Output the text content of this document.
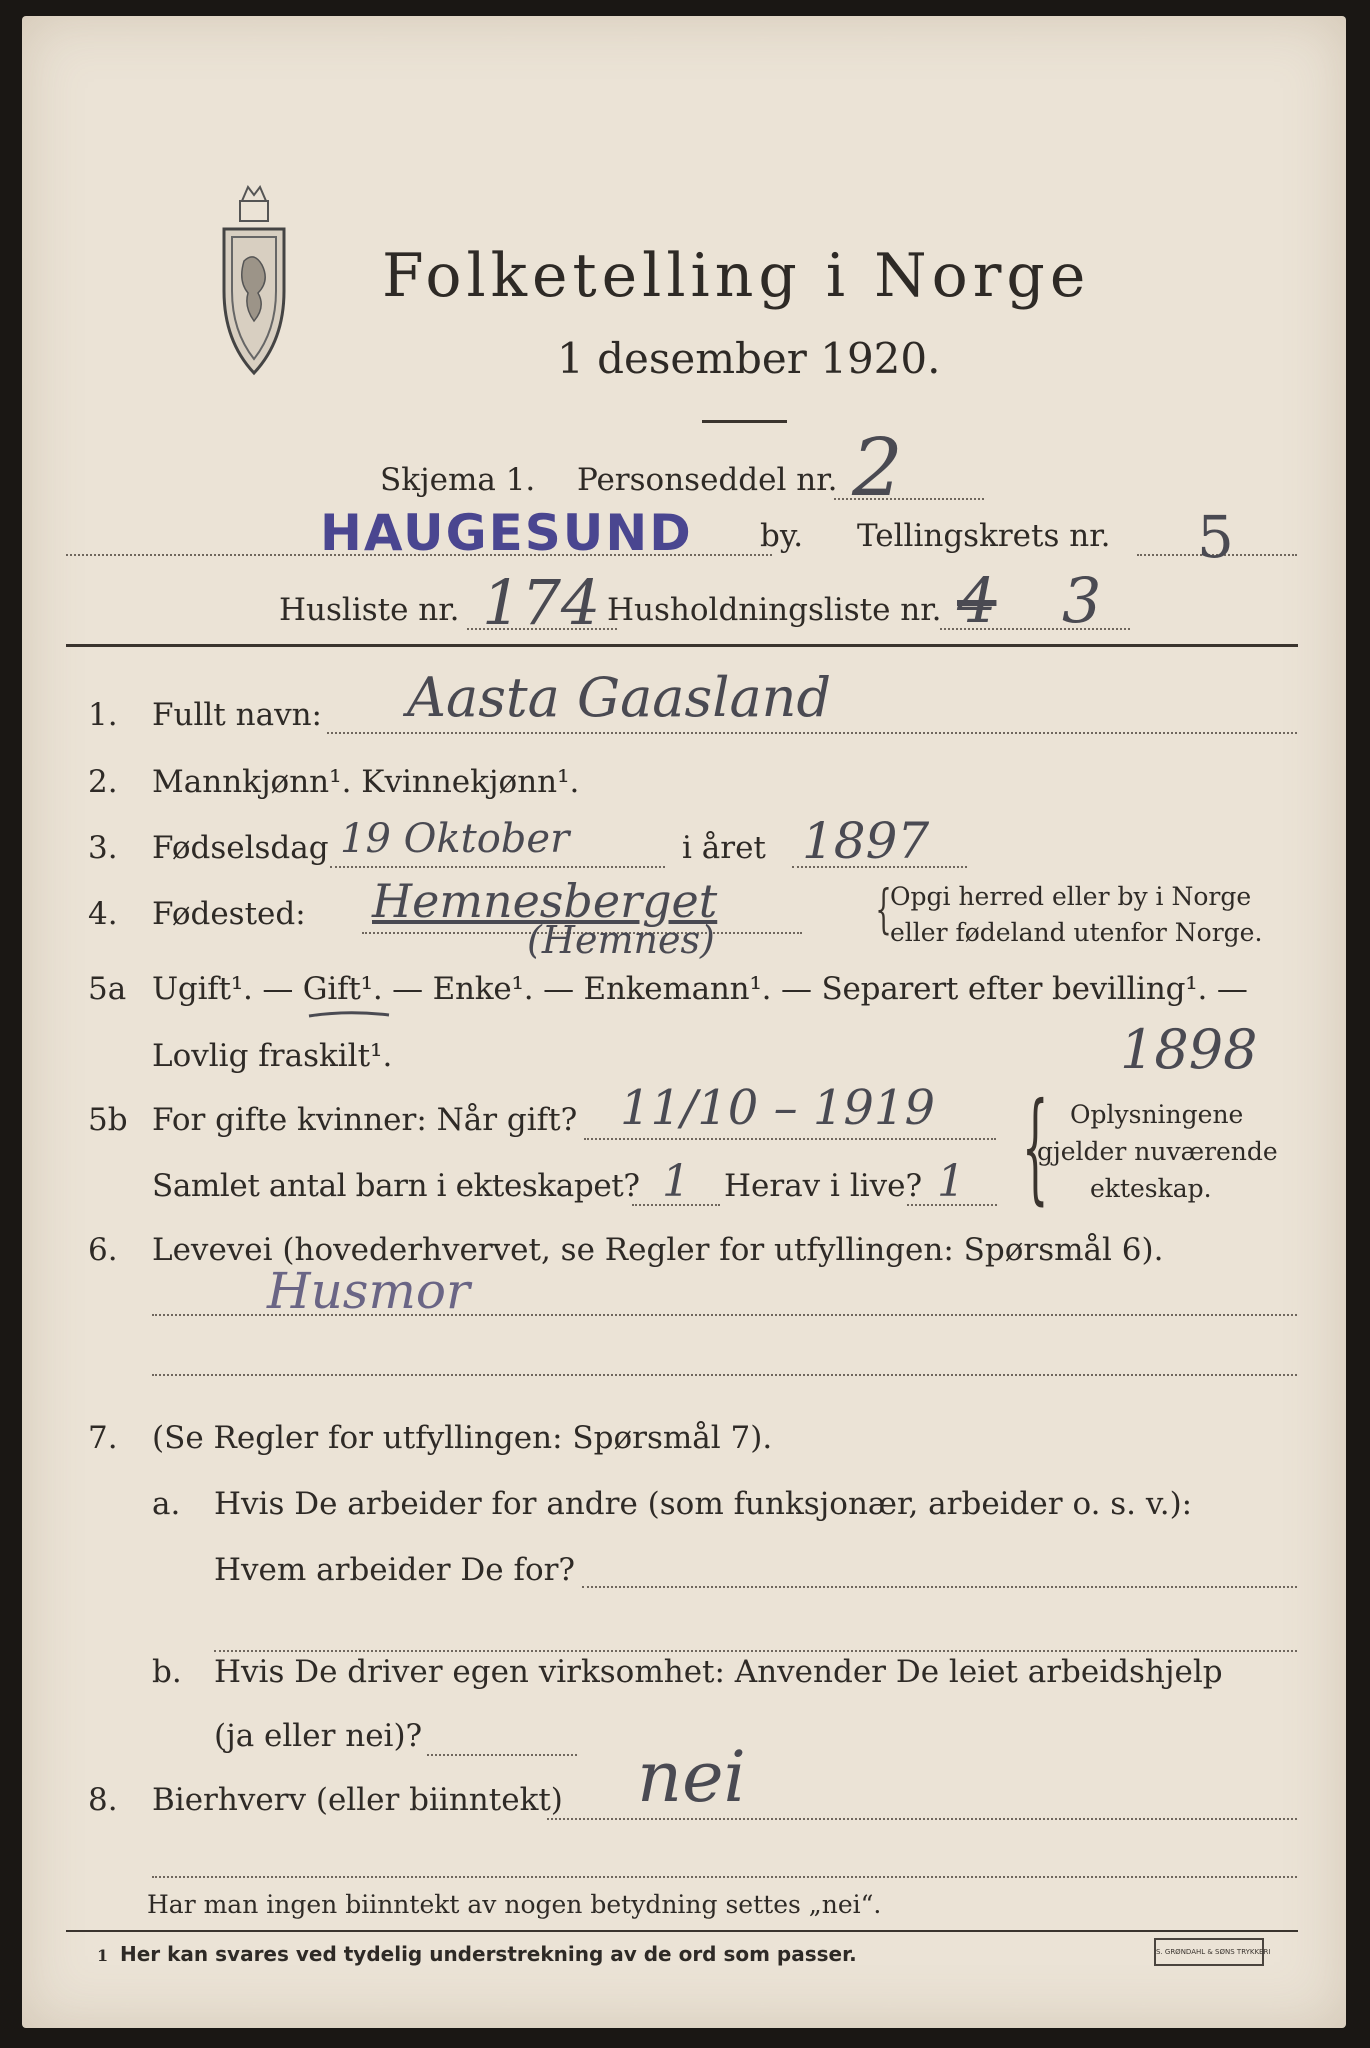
Folketelling i Norge
1 desember 1920.
Skjema 1. Personseddel nr. 2
HAUGESUND by. Tellingskrets nr. 5
Husliste nr. 174 Husholdningsliste nr. 4 3
1. Fullt navn: Aasta Gaasland
2. Mannkjønn¹. Kvinnekjønn¹.
3. Fødselsdag 19 Oktober	i året 1897
4. Fødested: Hemnesberget
(Hemnes)	{
Opgi herred eller by i Norge
eller fødeland utenfor Norge.
5a Ugift¹. — Gift¹. — Enke¹. — Enkemann¹. — Separert efter bevilling¹. —
Lovlig fraskilt¹.	1898
5b For gifte kvinner: Når gift? 11/10 – 1919
Samlet antal barn i ekteskapet? 1 Herav i live? 1 { Oplysningene
gjelder nuværende
ekteskap.
6. Levevei (hovederhvervet, se Regler for utfyllingen: Spørsmål 6).
Husmor
7. (Se Regler for utfyllingen: Spørsmål 7).
a. Hvis De arbeider for andre (som funksjonær, arbeider o. s. v.):
Hvem arbeider De for?
b. Hvis De driver egen virksomhet: Anvender De leiet arbeidshjelp
(ja eller nei)?
8. Bierhverv (eller biinntekt) nei
Har man ingen biinntekt av nogen betydning settes „nei“.
1 Her kan svares ved tydelig understrekning av de ord som passer.	S. GRØNDAHL & SØNS TRYKKERI
